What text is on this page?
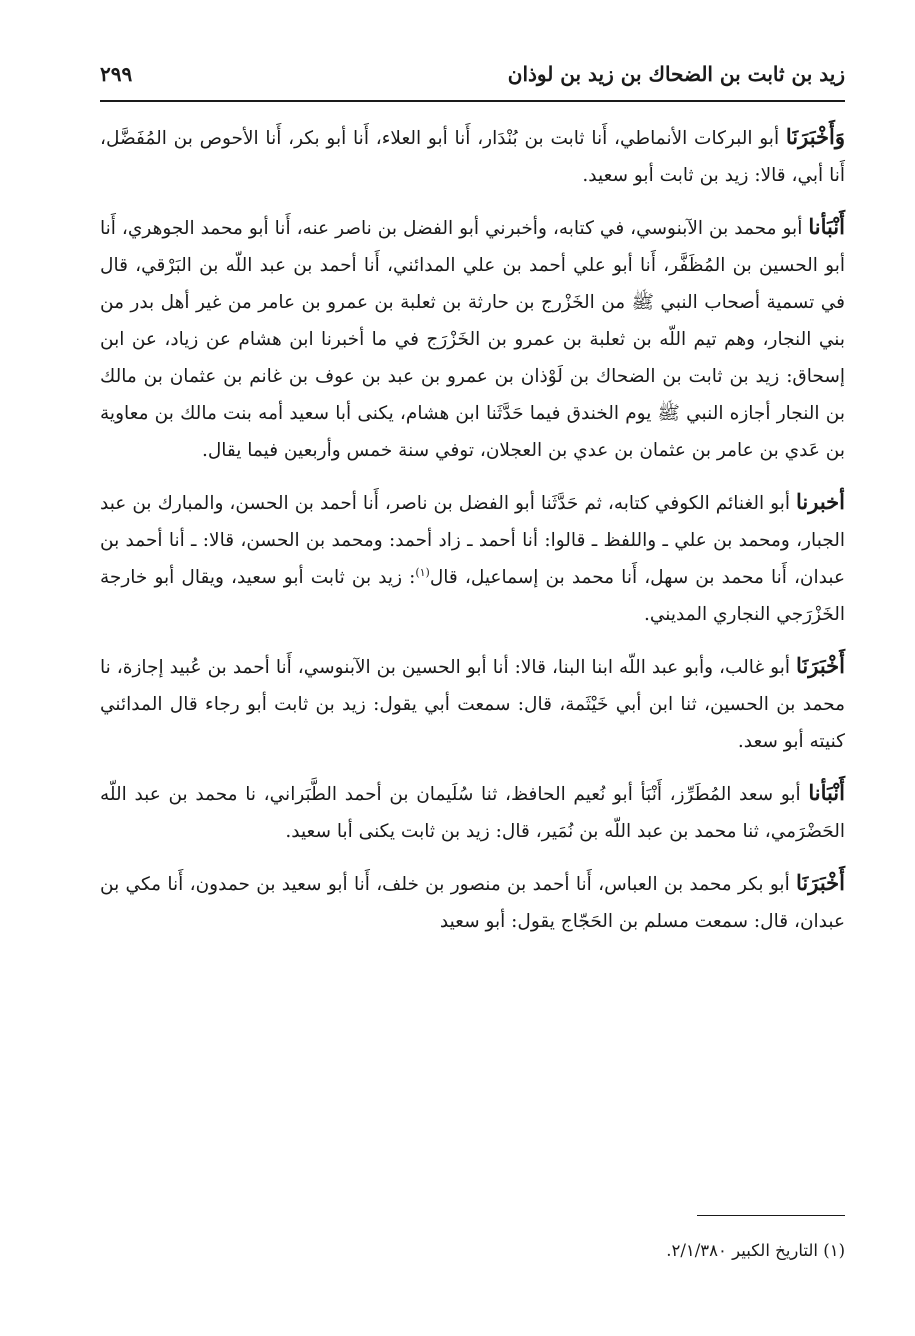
زيد بن ثابت بن الضحاك بن زيد بن لوذان
٢٩٩

وَأَخْبَرَنَا أبو البركات الأنماطي، أَنا ثابت بن بُنْدَار، أَنا أبو العلاء، أَنا أبو بكر، أَنا الأحوص بن المُفَضَّل، أَنا أبي، قالا: زيد بن ثابت أبو سعيد.

أَنْبَأنا أبو محمد بن الآبنوسي، في كتابه، وأخبرني أبو الفضل بن ناصر عنه، أَنا أبو محمد الجوهري، أَنا أبو الحسين بن المُظَفَّر، أَنا أبو علي أحمد بن علي المدائني، أَنا أحمد بن عبد اللّه بن البَرْقي، قال في تسمية أصحاب النبي ﷺ من الخَزْرج بن حارثة بن ثعلبة بن عمرو بن عامر من غير أهل بدر من بني النجار، وهم تيم اللّه بن ثعلبة بن عمرو بن الخَزْرَج في ما أخبرنا ابن هشام عن زياد، عن ابن إسحاق: زيد بن ثابت بن الضحاك بن لَوْذان بن عمرو بن عبد بن عوف بن غانم بن عثمان بن مالك بن النجار أجازه النبي ﷺ يوم الخندق فيما حَدَّثَنا ابن هشام، يكنى أبا سعيد أمه بنت مالك بن معاوية بن عَدي بن عامر بن عثمان بن عدي بن العجلان، توفي سنة خمس وأربعين فيما يقال.

أخبرنا أبو الغنائم الكوفي كتابه، ثم حَدَّثَنا أبو الفضل بن ناصر، أَنا أحمد بن الحسن، والمبارك بن عبد الجبار، ومحمد بن علي ـ واللفظ ـ قالوا: أنا أحمد ـ زاد أحمد: ومحمد بن الحسن، قالا: ـ أنا أحمد بن عبدان، أَنا محمد بن سهل، أَنا محمد بن إسماعيل، قال$^{(١)}$: زيد بن ثابت أبو سعيد، ويقال أبو خارجة الخَزْرَجي النجاري المديني.

أَخْبَرَنَا أبو غالب، وأبو عبد اللّه ابنا البنا، قالا: أنا أبو الحسين بن الآبنوسي، أَنا أحمد بن عُبيد إجازة، نا محمد بن الحسين، ثنا ابن أبي خَيْثَمة، قال: سمعت أبي يقول: زيد بن ثابت أبو رجاء قال المدائني كنيته أبو سعد.

أَنْبَأنا أبو سعد المُطَرِّز، أَنْبَأ أبو نُعيم الحافظ، ثنا سُلَيمان بن أحمد الطَّبَراني، نا محمد بن عبد اللّه الحَضْرَمي، ثنا محمد بن عبد اللّه بن نُمَير، قال: زيد بن ثابت يكنى أبا سعيد.

أَخْبَرَنَا أبو بكر محمد بن العباس، أَنا أحمد بن منصور بن خلف، أَنا أبو سعيد بن حمدون، أَنا مكي بن عبدان، قال: سمعت مسلم بن الحَجّاج يقول: أبو سعيد

(١) التاريخ الكبير ٢/١/٣٨٠.
